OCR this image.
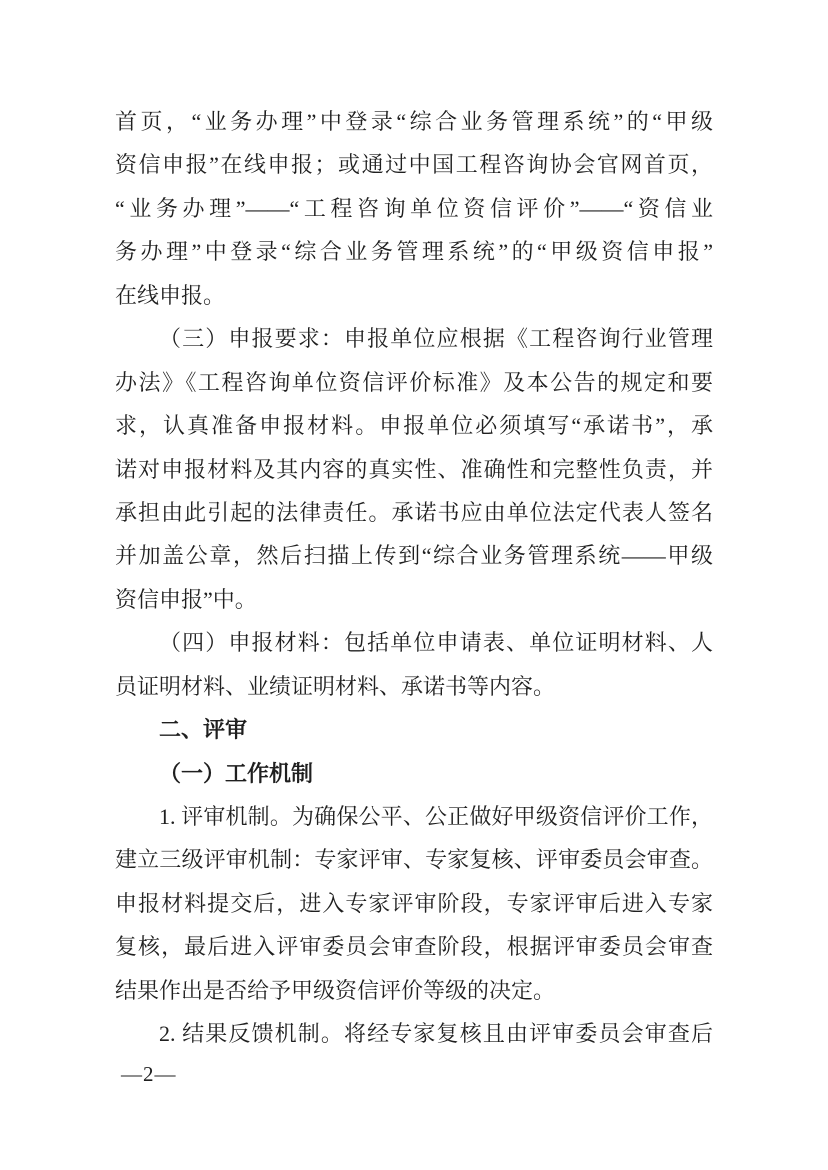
首页，“业务办理”中登录“综合业务管理系统”的“甲级
资信申报”在线申报；或通过中国工程咨询协会官网首页，
“业务办理”——“工程咨询单位资信评价”——“资信业
务办理”中登录“综合业务管理系统”的“甲级资信申报”
在线申报。
（三）申报要求：申报单位应根据《工程咨询行业管理
办法》《工程咨询单位资信评价标准》及本公告的规定和要
求，认真准备申报材料。申报单位必须填写“承诺书”，承
诺对申报材料及其内容的真实性、准确性和完整性负责，并
承担由此引起的法律责任。承诺书应由单位法定代表人签名
并加盖公章，然后扫描上传到“综合业务管理系统——甲级
资信申报”中。
（四）申报材料：包括单位申请表、单位证明材料、人
员证明材料、业绩证明材料、承诺书等内容。
二、评审
（一）工作机制
1. 评审机制。为确保公平、公正做好甲级资信评价工作，
建立三级评审机制：专家评审、专家复核、评审委员会审查。
申报材料提交后，进入专家评审阶段，专家评审后进入专家
复核，最后进入评审委员会审查阶段，根据评审委员会审查
结果作出是否给予甲级资信评价等级的决定。
2. 结果反馈机制。将经专家复核且由评审委员会审查后
—2—
